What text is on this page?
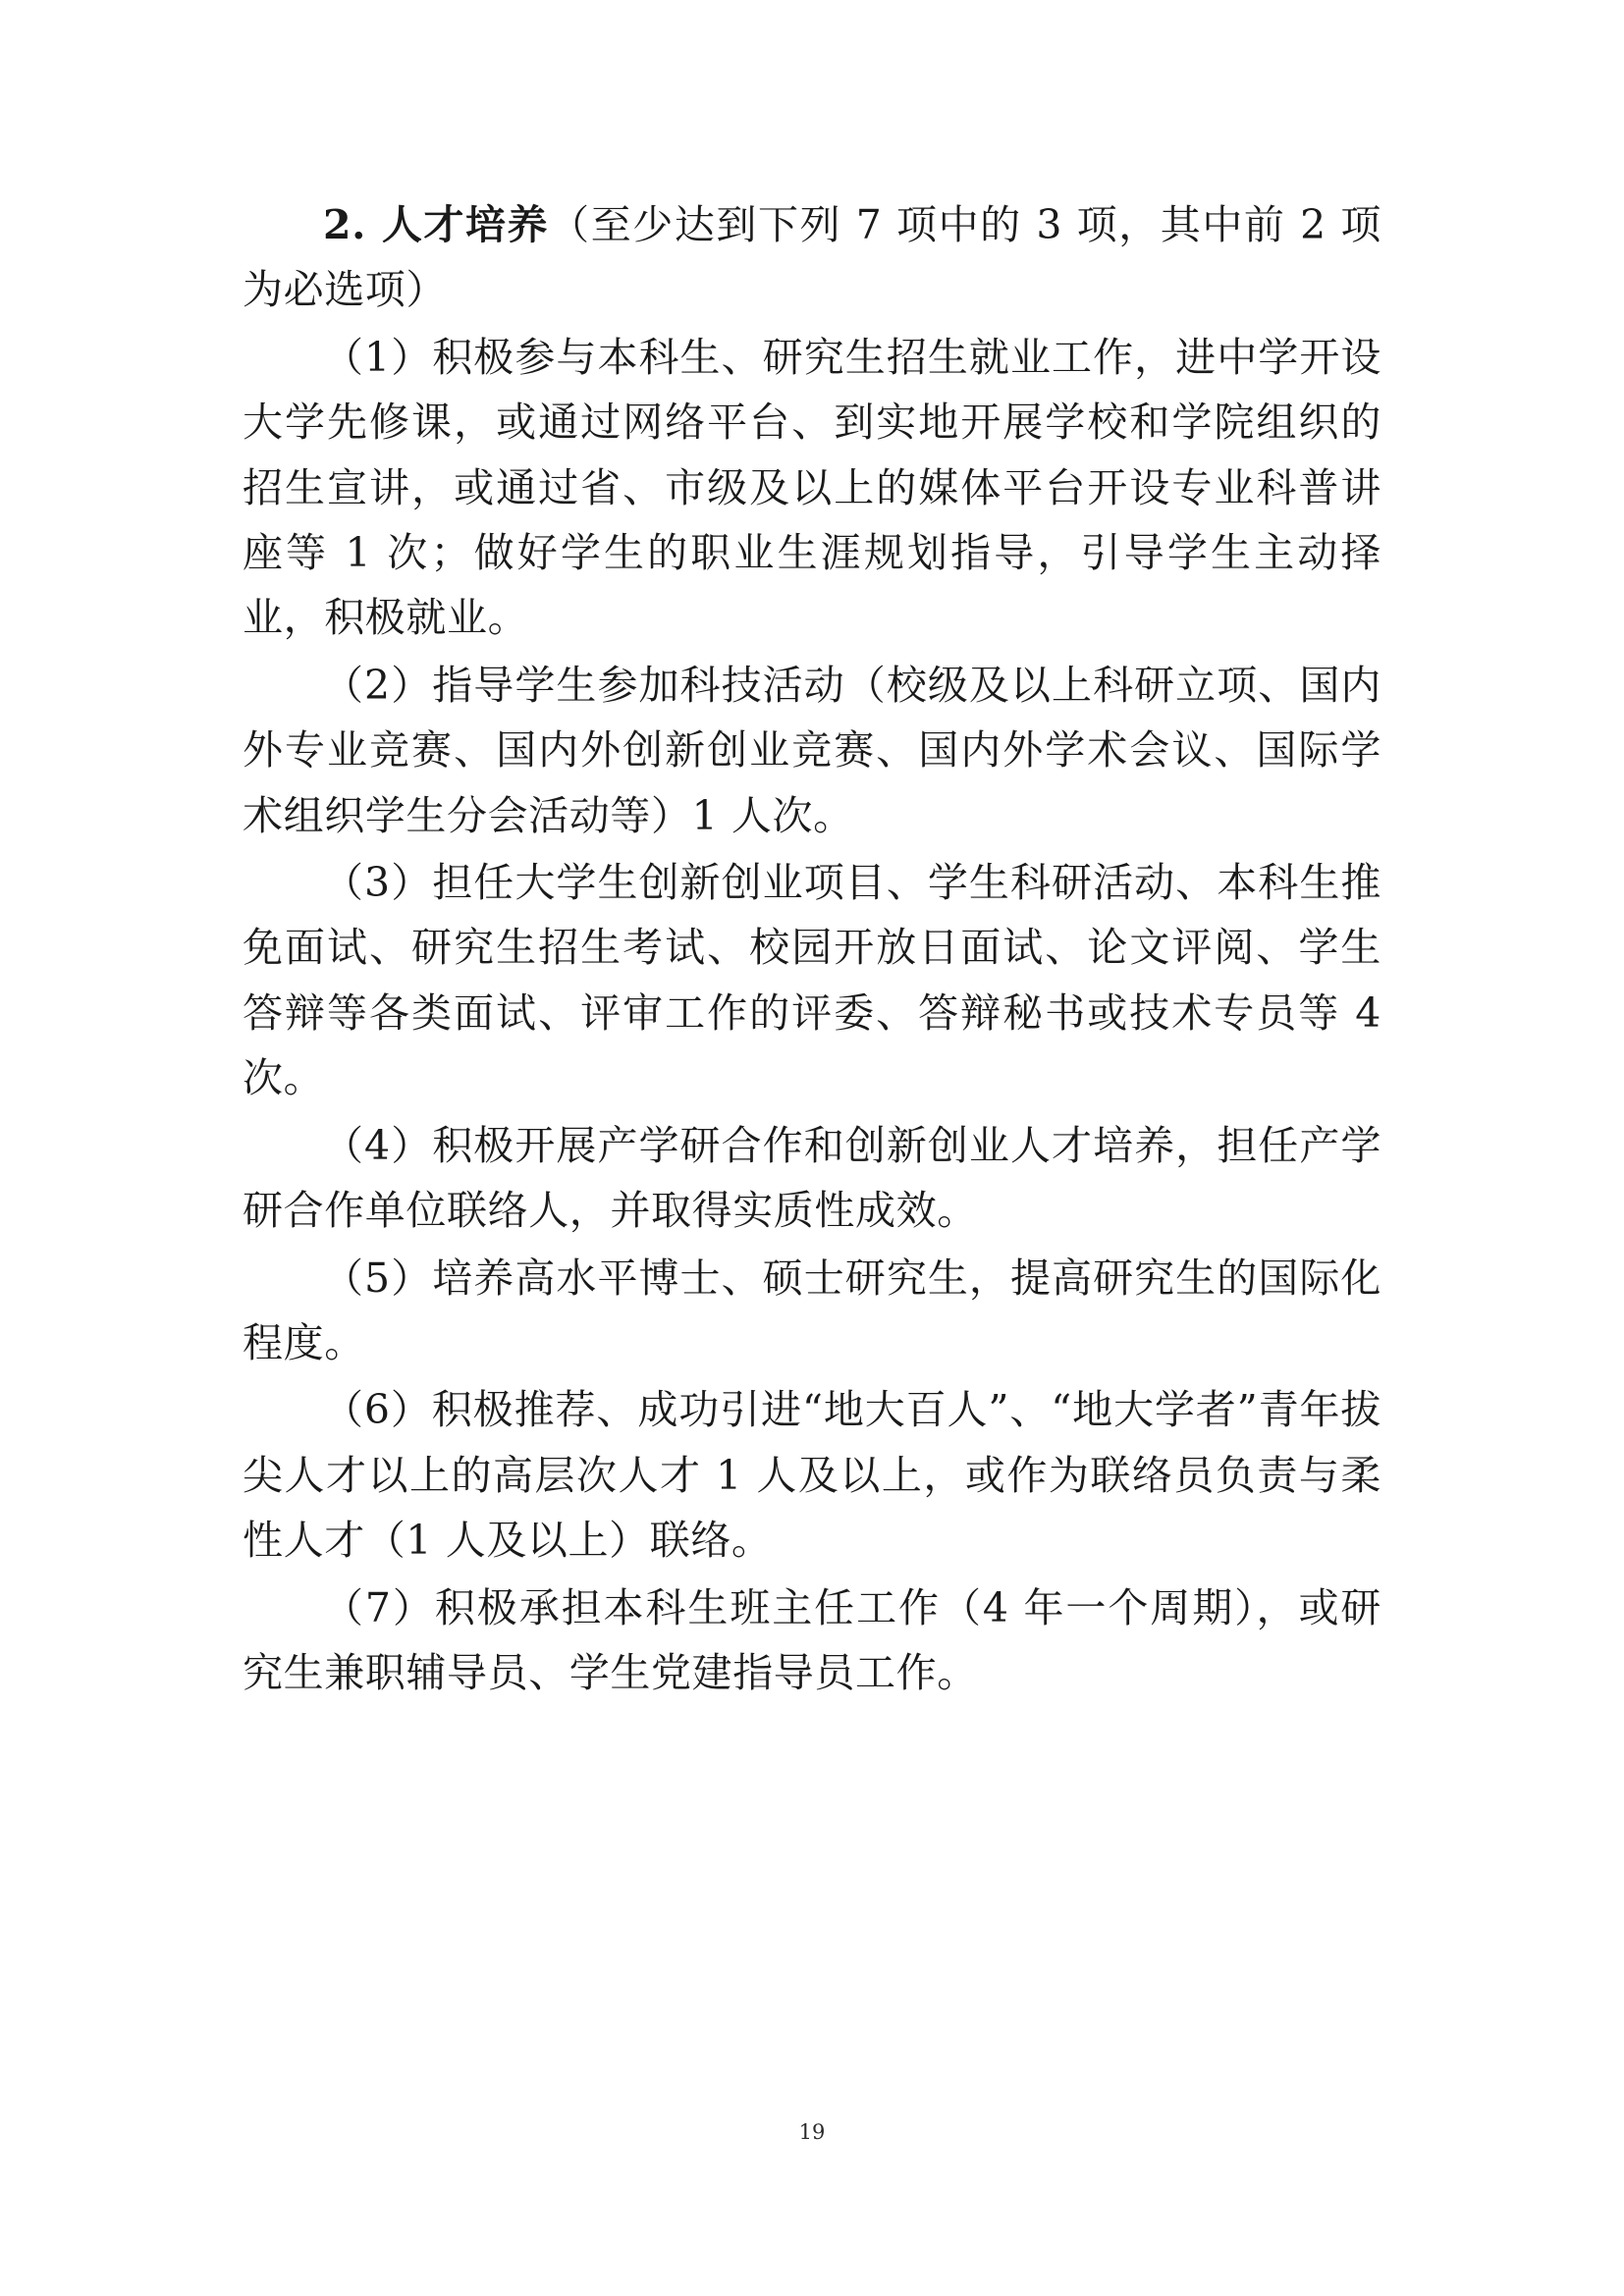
2. 人才培养（至少达到下列 7 项中的 3 项，其中前 2 项为必选项）

（1）积极参与本科生、研究生招生就业工作，进中学开设大学先修课，或通过网络平台、到实地开展学校和学院组织的招生宣讲，或通过省、市级及以上的媒体平台开设专业科普讲座等 1 次；做好学生的职业生涯规划指导，引导学生主动择业，积极就业。

（2）指导学生参加科技活动（校级及以上科研立项、国内外专业竞赛、国内外创新创业竞赛、国内外学术会议、国际学术组织学生分会活动等）1 人次。

（3）担任大学生创新创业项目、学生科研活动、本科生推免面试、研究生招生考试、校园开放日面试、论文评阅、学生答辩等各类面试、评审工作的评委、答辩秘书或技术专员等 4 次。

（4）积极开展产学研合作和创新创业人才培养，担任产学研合作单位联络人，并取得实质性成效。

（5）培养高水平博士、硕士研究生，提高研究生的国际化程度。

（6）积极推荐、成功引进“地大百人”、“地大学者”青年拔尖人才以上的高层次人才 1 人及以上，或作为联络员负责与柔性人才（1 人及以上）联络。

（7）积极承担本科生班主任工作（4 年一个周期），或研究生兼职辅导员、学生党建指导员工作。

19
